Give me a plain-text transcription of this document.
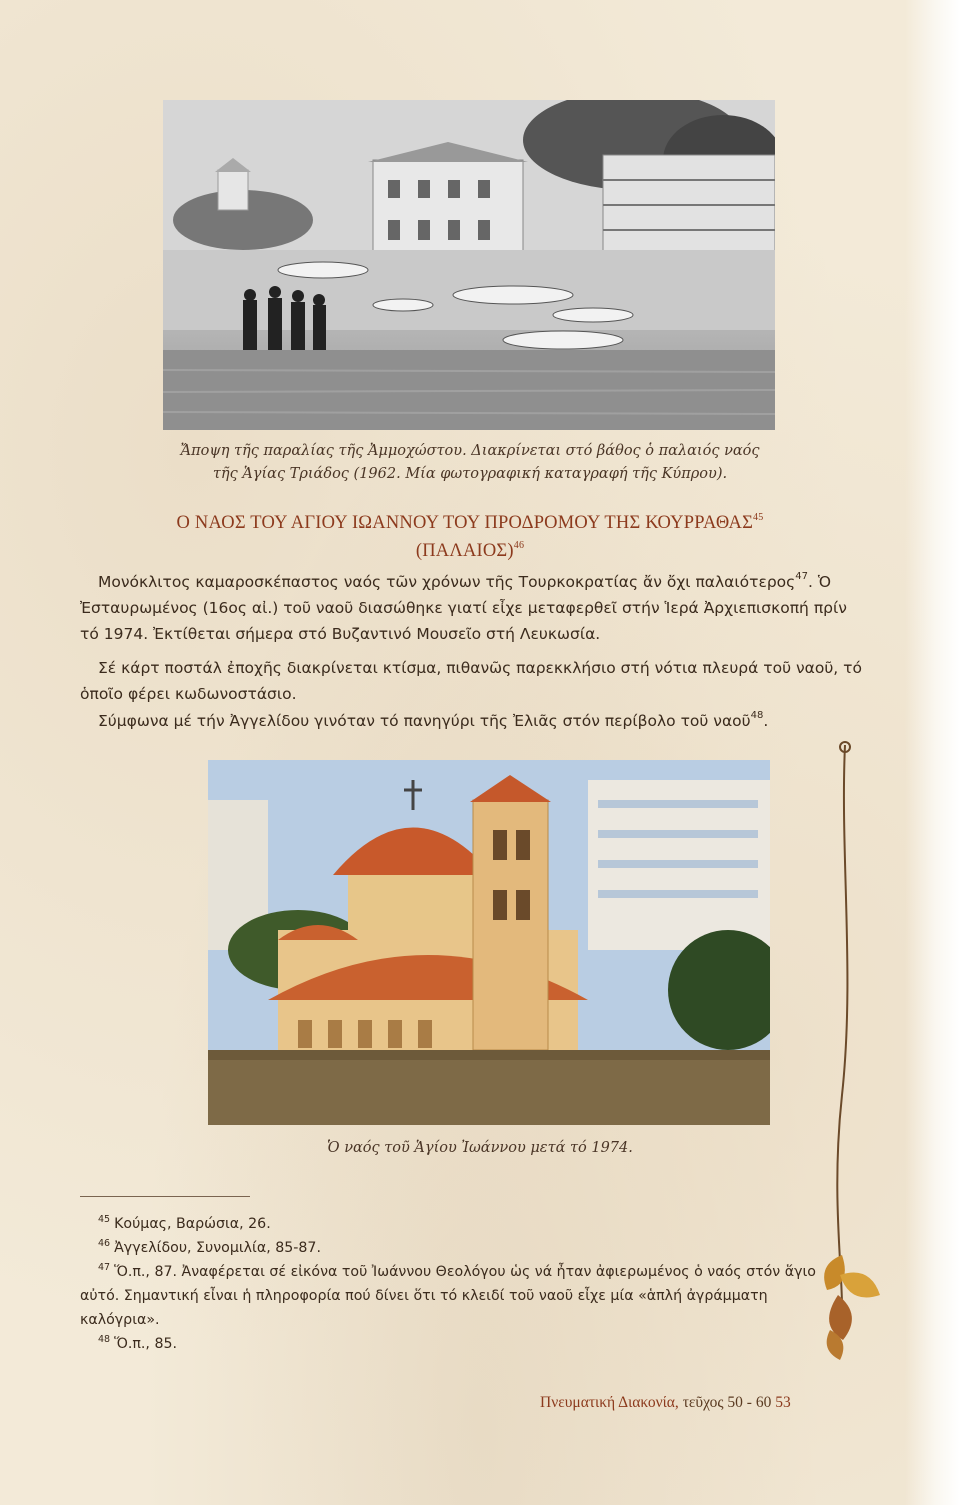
Ἄποψη τῆς παραλίας τῆς Ἀμμοχώστου. Διακρίνεται στό βάθος ὁ παλαιός ναός
τῆς Ἁγίας Τριάδος (1962. Μία φωτογραφική καταγραφή τῆς Κύπρου).
Ο ΝΑΟΣ ΤΟΥ ΑΓΙΟΥ ΙΩΑΝΝΟΥ ΤΟΥ ΠΡΟΔΡΟΜΟΥ ΤΗΣ ΚΟΥΡΡΑΘΑΣ$^{45}$
$(\Pi A\Lambda AIO\Sigma)^{46}$
Μονόκλιτος καμαροσκέπαστος ναός τῶν χρόνων τῆς Τουρκοκρατίας ἄν ὄχι παλαιότερος$^{47}$. Ὁ Ἐσταυρωμένος (16ος αἰ.) τοῦ ναοῦ διασώθηκε γιατί εἶχε μεταφερθεῖ στήν Ἱερά Ἀρχιεπισκοπή πρίν τό 1974. Ἐκτίθεται σήμερα στό Βυζαντινό Μουσεῖο στή Λευκωσία.
Σέ κάρτ ποστάλ ἐποχῆς διακρίνεται κτίσμα, πιθανῶς παρεκκλήσιο στή νότια πλευρά τοῦ ναοῦ, τό ὁποῖο φέρει κωδωνοστάσιο.
Σύμφωνα μέ τήν Ἀγγελίδου γινόταν τό πανηγύρι τῆς Ἐλιᾶς στόν περίβολο τοῦ ναοῦ$^{48}$.
Ὁ ναός τοῦ Ἁγίου Ἰωάννου μετά τό 1974.

$^{45}$ Κούμας, Βαρώσια, 26.

$^{46}$ Ἀγγελίδου, Συνομιλία, 85-87.

$^{47}$ Ὅ.π., 87. Ἀναφέρεται σέ εἰκόνα τοῦ Ἰωάννου Θεολόγου ὡς νά ἦταν ἀφιερωμένος ὁ ναός στόν ἅγιο αὐτό. Σημαντική εἶναι ἡ πληροφορία πού δίνει ὅτι τό κλειδί τοῦ ναοῦ εἶχε μία «ἁπλή ἀγράμματη καλόγρια».

$^{48}$ Ὅ.π., 85.

Πνευματική Διακονία, τεῦχος 50 - 60 53
